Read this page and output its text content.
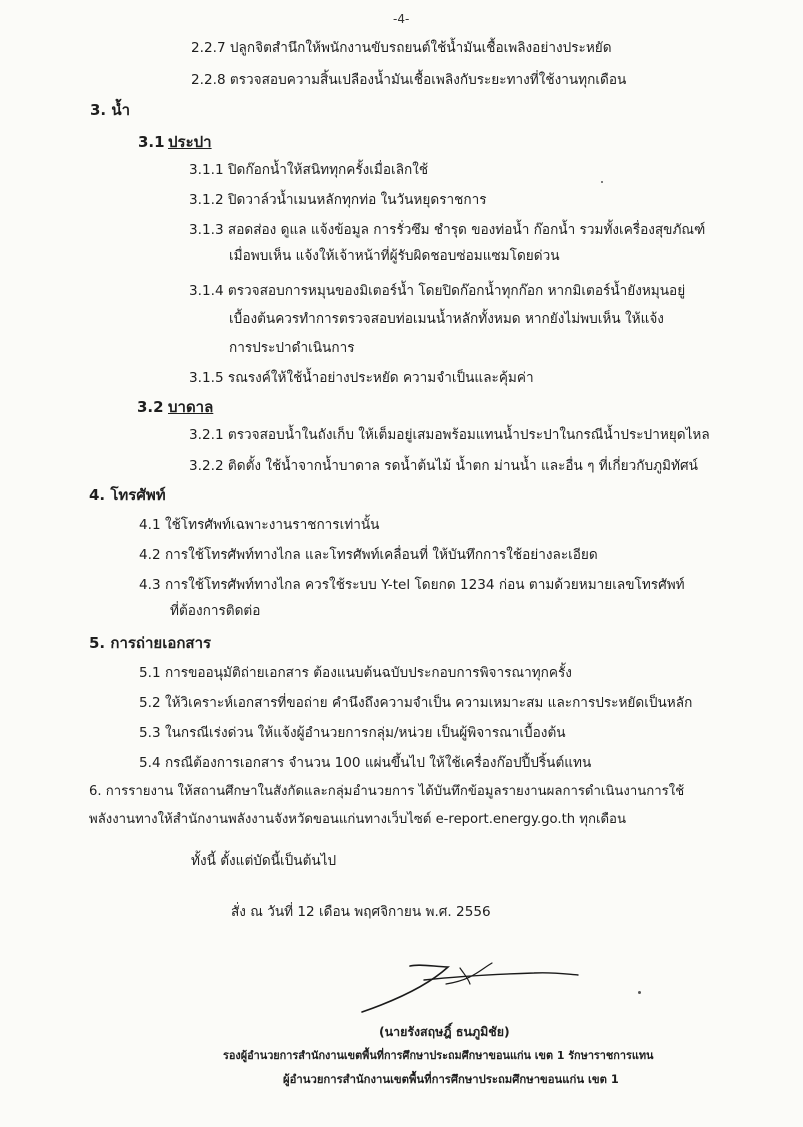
-4-
2.2.7 ปลูกจิตสำนึกให้พนักงานขับรถยนต์ใช้น้ำมันเชื้อเพลิงอย่างประหยัด
2.2.8 ตรวจสอบความสิ้นเปลืองน้ำมันเชื้อเพลิงกับระยะทางที่ใช้งานทุกเดือน
3. น้ำ
3.1 ประปา
3.1.1 ปิดก๊อกน้ำให้สนิททุกครั้งเมื่อเลิกใช้
3.1.2 ปิดวาล์วน้ำเมนหลักทุกท่อ ในวันหยุดราชการ
3.1.3 สอดส่อง ดูแล แจ้งข้อมูล การรั่วซึม ชำรุด ของท่อน้ำ ก๊อกน้ำ รวมทั้งเครื่องสุขภัณฑ์
เมื่อพบเห็น แจ้งให้เจ้าหน้าที่ผู้รับผิดชอบซ่อมแซมโดยด่วน
3.1.4 ตรวจสอบการหมุนของมิเตอร์น้ำ โดยปิดก๊อกน้ำทุกก๊อก หากมิเตอร์น้ำยังหมุนอยู่
เบื้องต้นควรทำการตรวจสอบท่อเมนน้ำหลักทั้งหมด หากยังไม่พบเห็น ให้แจ้ง
การประปาดำเนินการ
3.1.5 รณรงค์ให้ใช้น้ำอย่างประหยัด ความจำเป็นและคุ้มค่า
3.2 บาดาล
3.2.1 ตรวจสอบน้ำในถังเก็บ ให้เต็มอยู่เสมอพร้อมแทนน้ำประปาในกรณีน้ำประปาหยุดไหล
3.2.2 ติดตั้ง ใช้น้ำจากน้ำบาดาล รดน้ำต้นไม้ น้ำตก ม่านน้ำ และอื่น ๆ ที่เกี่ยวกับภูมิทัศน์
4. โทรศัพท์
4.1 ใช้โทรศัพท์เฉพาะงานราชการเท่านั้น
4.2 การใช้โทรศัพท์ทางไกล และโทรศัพท์เคลื่อนที่ ให้บันทึกการใช้อย่างละเอียด
4.3 การใช้โทรศัพท์ทางไกล ควรใช้ระบบ Y-tel โดยกด 1234 ก่อน ตามด้วยหมายเลขโทรศัพท์
ที่ต้องการติดต่อ
5. การถ่ายเอกสาร
5.1 การขออนุมัติถ่ายเอกสาร ต้องแนบต้นฉบับประกอบการพิจารณาทุกครั้ง
5.2 ให้วิเคราะห์เอกสารที่ขอถ่าย คำนึงถึงความจำเป็น ความเหมาะสม และการประหยัดเป็นหลัก
5.3 ในกรณีเร่งด่วน ให้แจ้งผู้อำนวยการกลุ่ม/หน่วย เป็นผู้พิจารณาเบื้องต้น
5.4 กรณีต้องการเอกสาร จำนวน 100 แผ่นขึ้นไป ให้ใช้เครื่องก๊อปปี้ปริ้นต์แทน
6. การรายงาน ให้สถานศึกษาในสังกัดและกลุ่มอำนวยการ ได้บันทึกข้อมูลรายงานผลการดำเนินงานการใช้
พลังงานทางให้สำนักงานพลังงานจังหวัดขอนแก่นทางเว็บไซต์ e-report.energy.go.th ทุกเดือน
ทั้งนี้ ตั้งแต่บัดนี้เป็นต้นไป
สั่ง ณ วันที่ 12 เดือน พฤศจิกายน พ.ศ. 2556
(นายรังสฤษฎิ์ ธนภูมิชัย)
รองผู้อำนวยการสำนักงานเขตพื้นที่การศึกษาประถมศึกษาขอนแก่น เขต 1 รักษาราชการแทน
ผู้อำนวยการสำนักงานเขตพื้นที่การศึกษาประถมศึกษาขอนแก่น เขต 1
